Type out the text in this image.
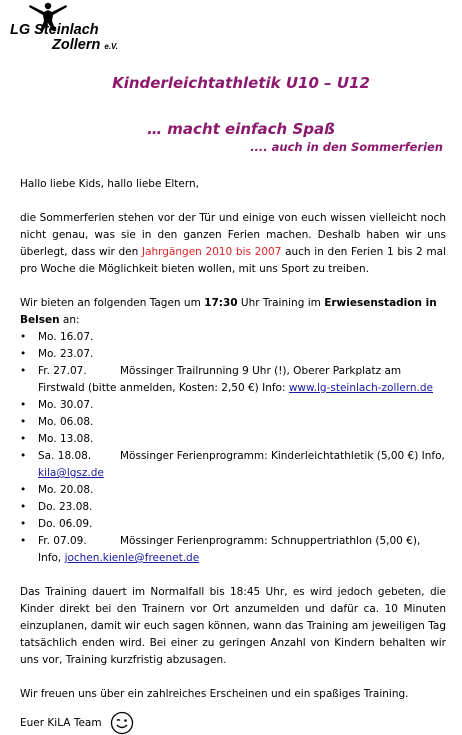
LG Steinlach
Zollern e.V.
Kinderleichtathletik U10 – U12
… macht einfach Spaß
.... auch in den Sommerferien

Hallo liebe Kids, hallo liebe Eltern,

die Sommerferien stehen vor der Tür und einige von euch wissen vielleicht noch nicht genau, was sie in den ganzen Ferien machen. Deshalb haben wir uns überlegt, dass wir den Jahrgängen 2010 bis 2007 auch in den Ferien 1 bis 2 mal pro Woche die Möglichkeit bieten wollen, mit uns Sport zu treiben.

Wir bieten an folgenden Tagen um 17:30 Uhr Training im Erwiesenstadion in Belsen an:

• Mo. 16.07.
• Mo. 23.07.
• Fr. 27.07.	Mössinger Trailrunning 9 Uhr (!), Oberer Parkplatz am Firstwald (bitte anmelden, Kosten: 2,50 €) Info: www.lg-steinlach-zollern.de
• Mo. 30.07.
• Mo. 06.08.
• Mo. 13.08.
• Sa. 18.08.	Mössinger Ferienprogramm: Kinderleichtathletik (5,00 €) Info, kila@lgsz.de
• Mo. 20.08.
• Do. 23.08.
• Do. 06.09.
• Fr. 07.09.	Mössinger Ferienprogramm: Schnuppertriathlon (5,00 €), Info, jochen.kienle@freenet.de

Das Training dauert im Normalfall bis 18:45 Uhr, es wird jedoch gebeten, die Kinder direkt bei den Trainern vor Ort anzumelden und dafür ca. 10 Minuten einzuplanen, damit wir euch sagen können, wann das Training am jeweiligen Tag tatsächlich enden wird. Bei einer zu geringen Anzahl von Kindern behalten wir uns vor, Training kurzfristig abzusagen.

Wir freuen uns über ein zahlreiches Erscheinen und ein spaßiges Training.

Euer KiLA Team
